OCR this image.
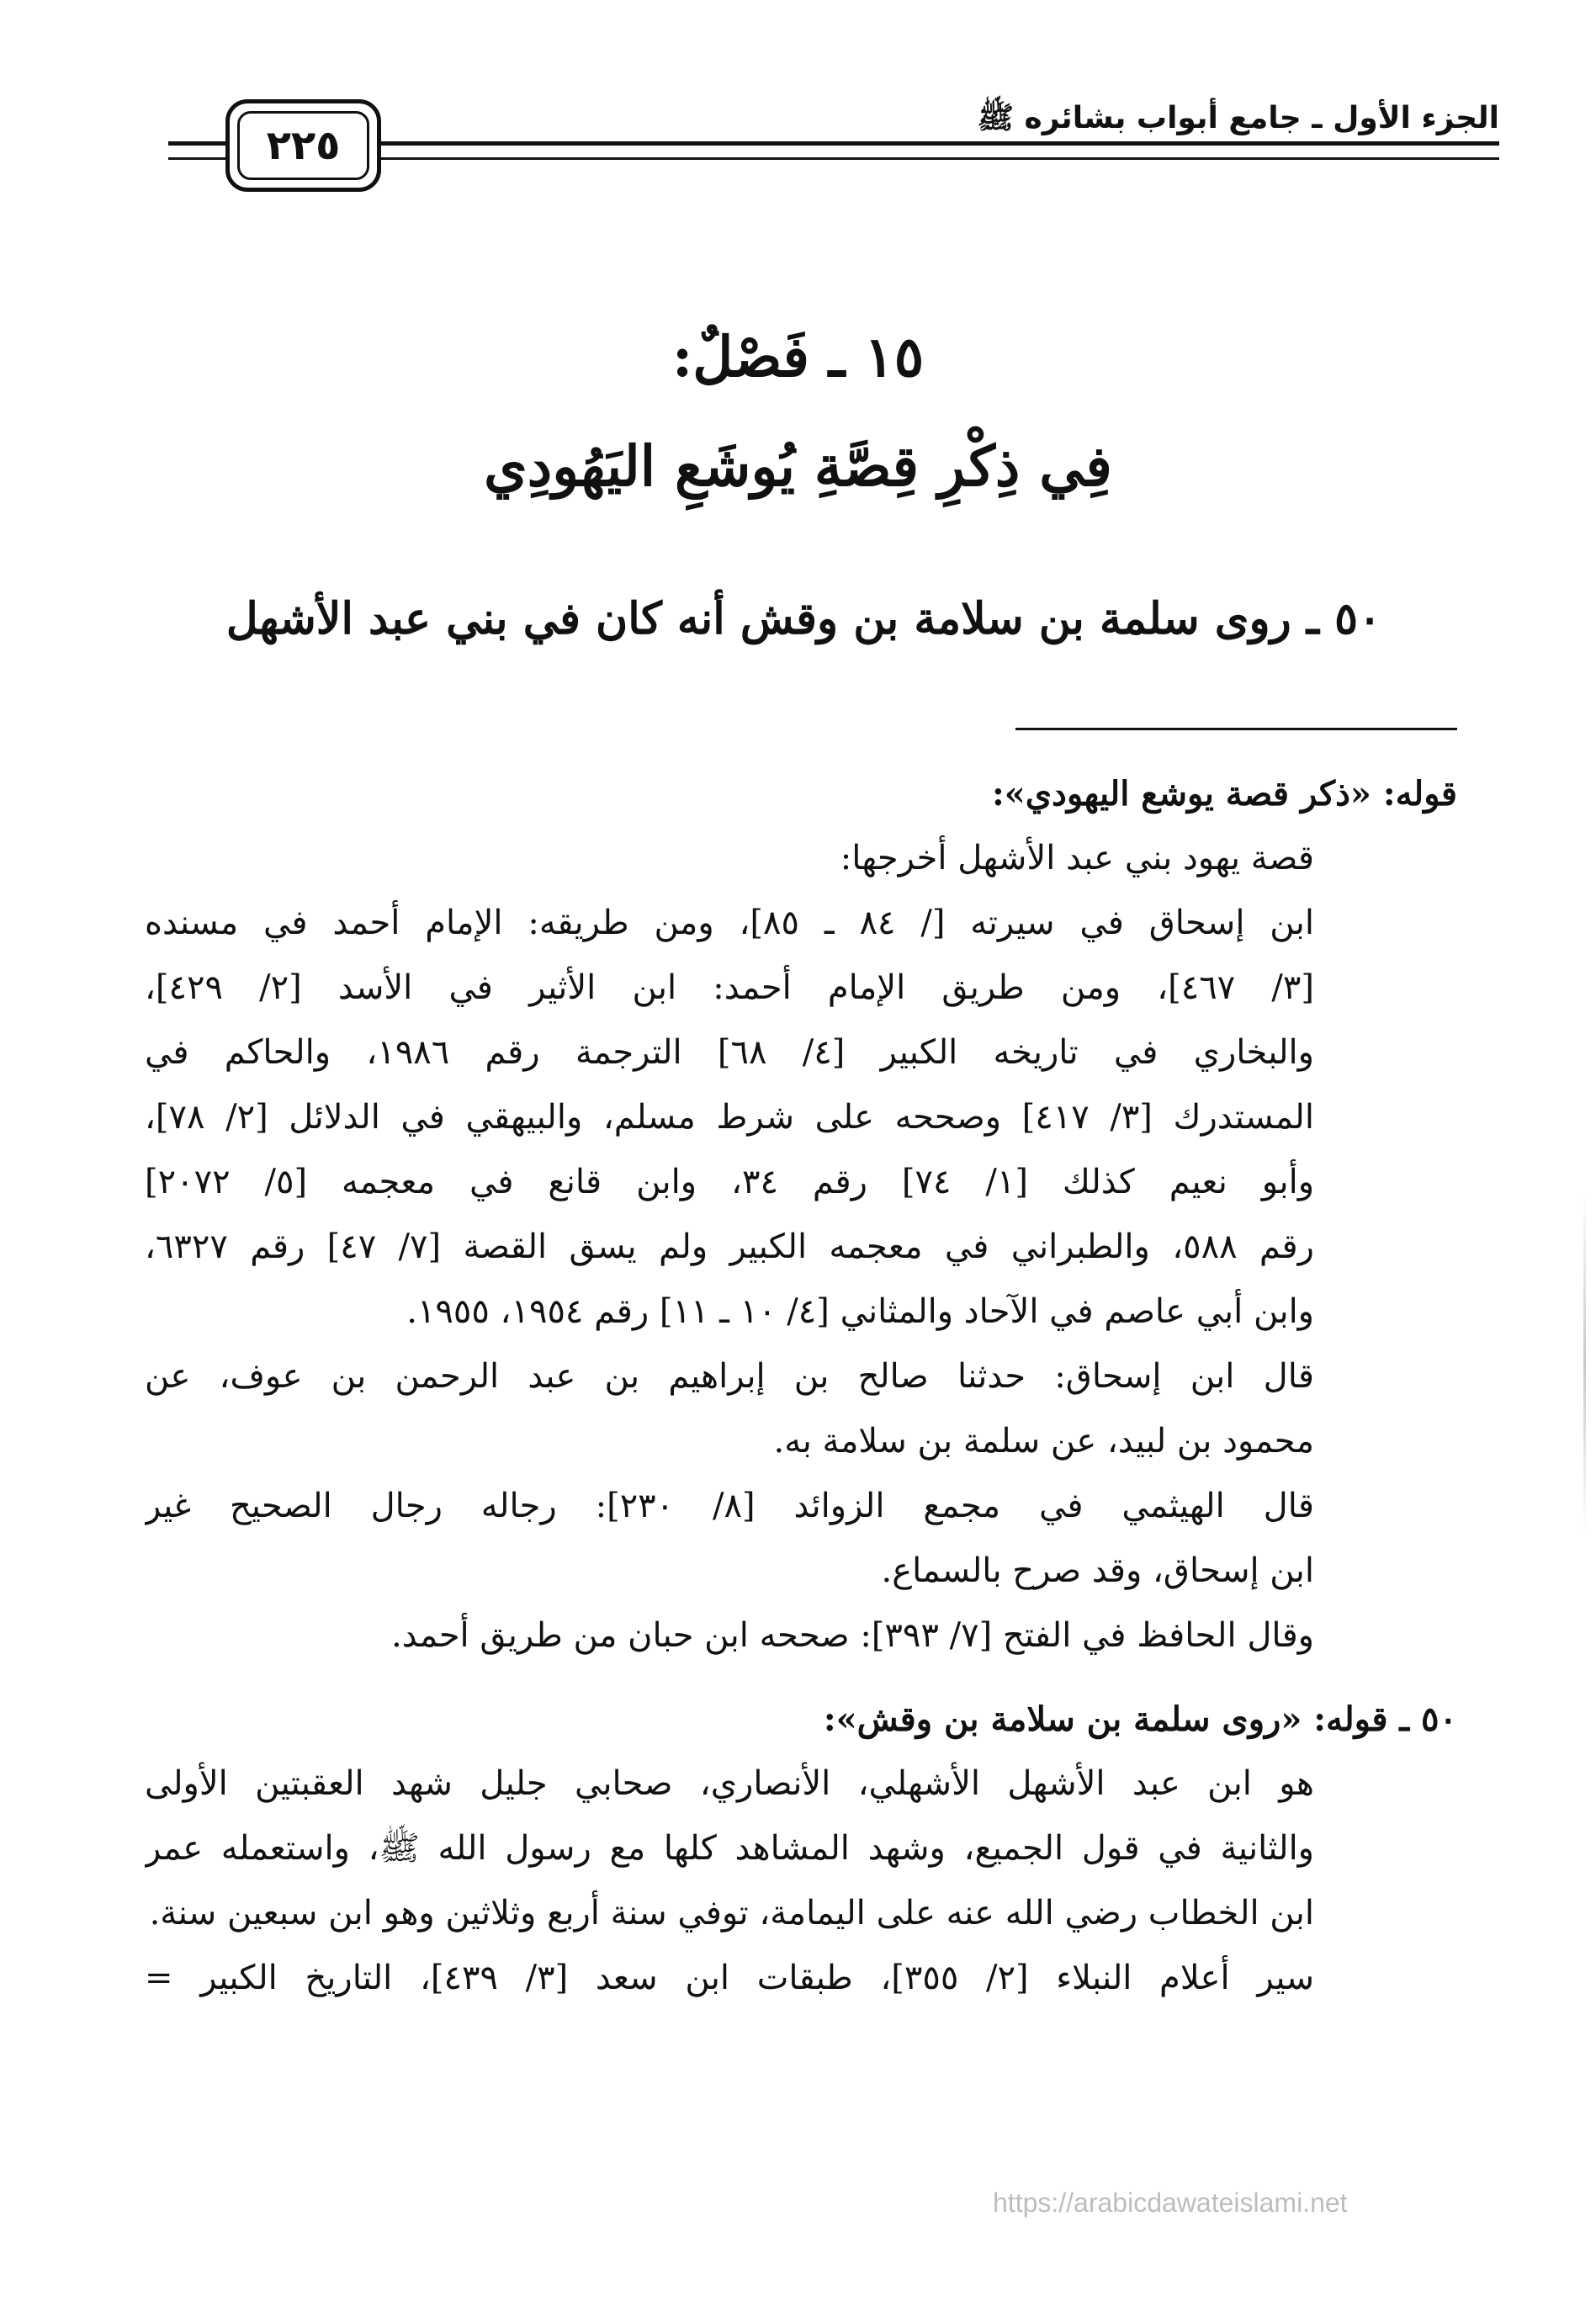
٢٢٥
الجزء الأول ـ جامع أبواب بشائره ﷺ
١٥ ـ فَصْلٌ:
فِي ذِكْرِ قِصَّةِ يُوشَعِ اليَهُودِي
٥٠ ـ روى سلمة بن سلامة بن وقش أنه كان في بني عبد الأشهل
قوله: «ذكر قصة يوشع اليهودي»:
قصة يهود بني عبد الأشهل أخرجها:
ابن إسحاق في سيرته [/ ٨٤ ـ ٨٥]، ومن طريقه: الإمام أحمد في مسنده
[٣/ ٤٦٧]، ومن طريق الإمام أحمد: ابن الأثير في الأسد [٢/ ٤٢٩]،
والبخاري في تاريخه الكبير [٤/ ٦٨] الترجمة رقم ١٩٨٦، والحاكم في
المستدرك [٣/ ٤١٧] وصححه على شرط مسلم، والبيهقي في الدلائل [٢/ ٧٨]،
وأبو نعيم كذلك [١/ ٧٤] رقم ٣٤، وابن قانع في معجمه [٥/ ٢٠٧٢]
رقم ٥٨٨، والطبراني في معجمه الكبير ولم يسق القصة [٧/ ٤٧] رقم ٦٣٢٧،
وابن أبي عاصم في الآحاد والمثاني [٤/ ١٠ ـ ١١] رقم ١٩٥٤، ١٩٥٥.
قال ابن إسحاق: حدثنا صالح بن إبراهيم بن عبد الرحمن بن عوف، عن
محمود بن لبيد، عن سلمة بن سلامة به.
قال الهيثمي في مجمع الزوائد [٨/ ٢٣٠]: رجاله رجال الصحيح غير
ابن إسحاق، وقد صرح بالسماع.
وقال الحافظ في الفتح [٧/ ٣٩٣]: صححه ابن حبان من طريق أحمد.
٥٠ ـ قوله: «روى سلمة بن سلامة بن وقش»:
هو ابن عبد الأشهل الأشهلي، الأنصاري، صحابي جليل شهد العقبتين الأولى
والثانية في قول الجميع، وشهد المشاهد كلها مع رسول الله ﷺ، واستعمله عمر
ابن الخطاب رضي الله عنه على اليمامة، توفي سنة أربع وثلاثين وهو ابن سبعين سنة.
سير أعلام النبلاء [٢/ ٣٥٥]، طبقات ابن سعد [٣/ ٤٣٩]، التاريخ الكبير =
https://arabicdawateislami.net
